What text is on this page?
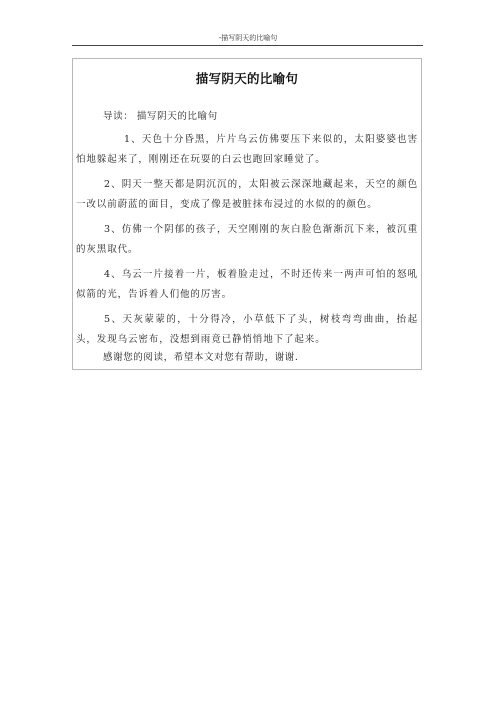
-描写阴天的比喻句
描写阴天的比喻句
导读： 描写阴天的比喻句

1、天色十分昏黑，片片乌云仿佛要压下来似的，太阳婆婆也害怕地躲起来了，刚刚还在玩耍的白云也跑回家睡觉了。

2、阴天一整天都是阴沉沉的，太阳被云深深地藏起来，天空的颜色一改以前蔚蓝的面目，变成了像是被脏抹布浸过的水似的的颜色。

3、仿佛一个阴郁的孩子，天空刚刚的灰白脸色渐渐沉下来，被沉重的灰黑取代。

4、乌云一片接着一片，板着脸走过，不时还传来一两声可怕的怒吼似箭的光，告诉着人们他的厉害。

5、天灰蒙蒙的，十分得冷，小草低下了头，树枝弯弯曲曲，抬起头，发现乌云密布，没想到雨竟已静悄悄地下了起来。

感谢您的阅读，希望本文对您有帮助，谢谢.
